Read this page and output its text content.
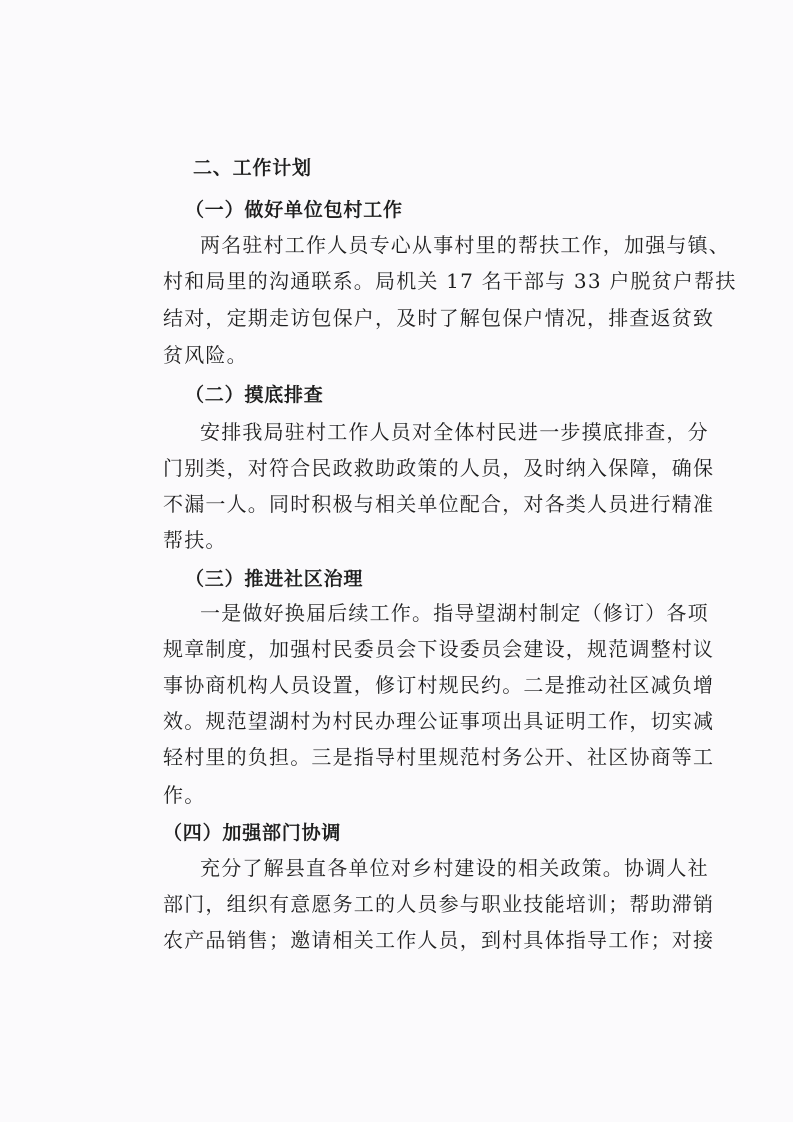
二、工作计划
（一）做好单位包村工作
两名驻村工作人员专心从事村里的帮扶工作，加强与镇、
村和局里的沟通联系。局机关 17 名干部与 33 户脱贫户帮扶
结对，定期走访包保户，及时了解包保户情况，排查返贫致
贫风险。
（二）摸底排查
安排我局驻村工作人员对全体村民进一步摸底排查，分
门别类，对符合民政救助政策的人员，及时纳入保障，确保
不漏一人。同时积极与相关单位配合，对各类人员进行精准
帮扶。
（三）推进社区治理
一是做好换届后续工作。指导望湖村制定（修订）各项
规章制度，加强村民委员会下设委员会建设，规范调整村议
事协商机构人员设置，修订村规民约。二是推动社区减负增
效。规范望湖村为村民办理公证事项出具证明工作，切实减
轻村里的负担。三是指导村里规范村务公开、社区协商等工
作。
（四）加强部门协调
充分了解县直各单位对乡村建设的相关政策。协调人社
部门，组织有意愿务工的人员参与职业技能培训；帮助滞销
农产品销售；邀请相关工作人员，到村具体指导工作；对接
